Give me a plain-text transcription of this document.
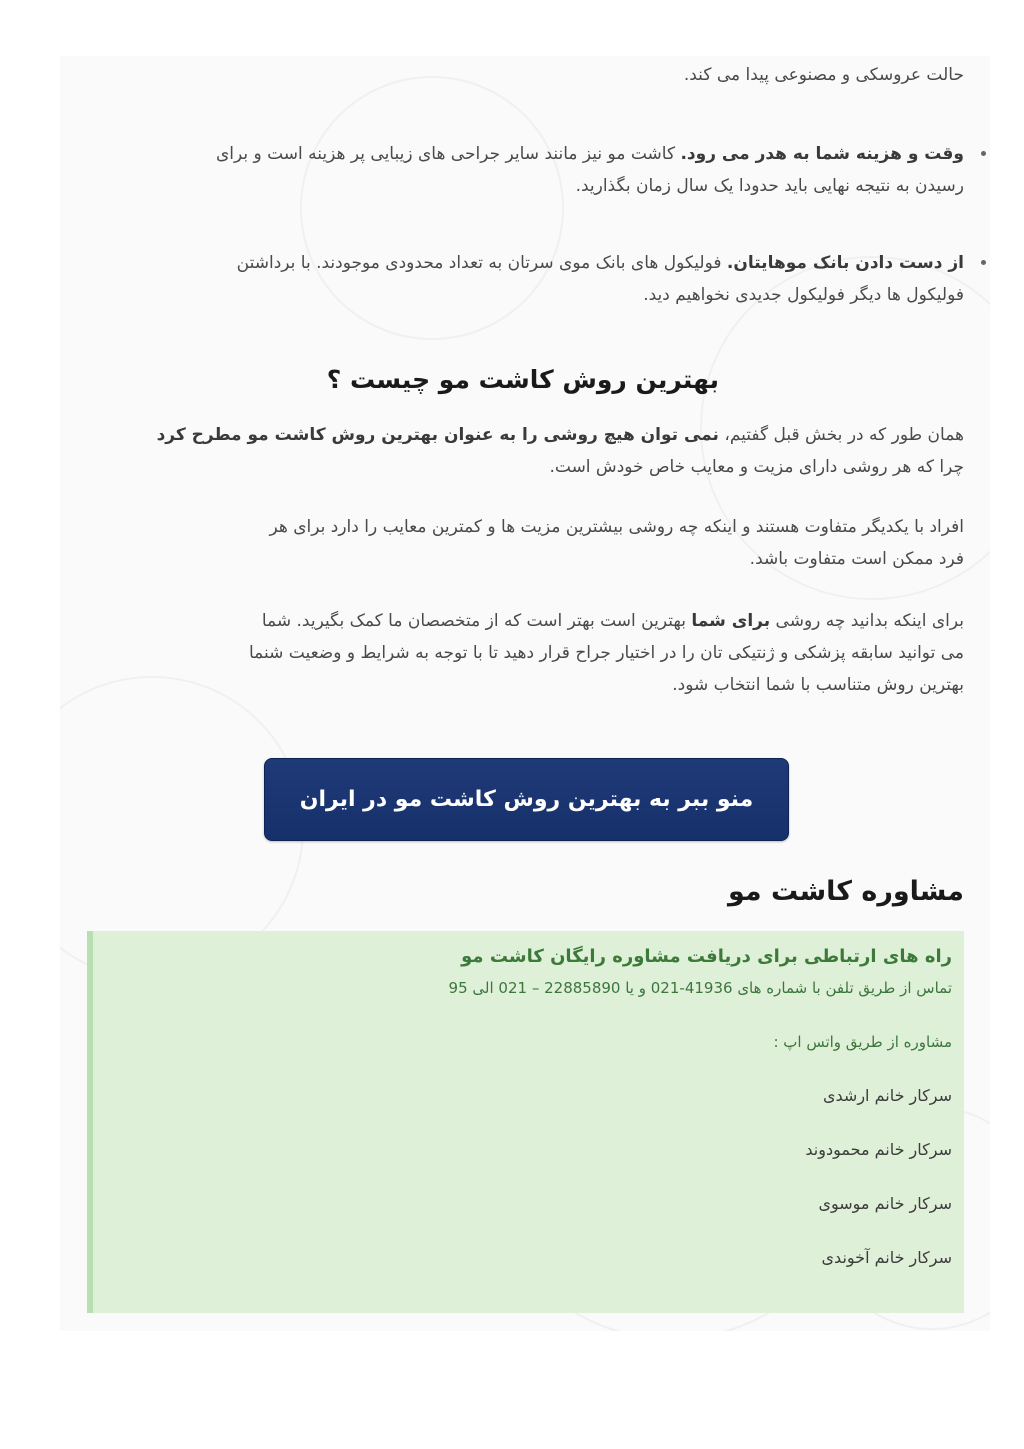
حالت عروسکی و مصنوعی پیدا می کند.

وقت و هزینه شما به هدر می رود. کاشت مو نیز مانند سایر جراحی های زیبایی پر هزینه است و برای
رسیدن به نتیجه نهایی باید حدودا یک سال زمان بگذارید.
از دست دادن بانک موهایتان. فولیکول های بانک موی سرتان به تعداد محدودی موجودند. با برداشتن
فولیکول ها دیگر فولیکول جدیدی نخواهیم دید.
بهترین روش کاشت مو چیست ؟

همان طور که در بخش قبل گفتیم، نمی توان هیچ روشی را به عنوان بهترین روش کاشت مو مطرح کرد
چرا که هر روشی دارای مزیت و معایب خاص خودش است.

افراد با یکدیگر متفاوت هستند و اینکه چه روشی بیشترین مزیت ها و کمترین معایب را دارد برای هر
فرد ممکن است متفاوت باشد.

برای اینکه بدانید چه روشی برای شما بهترین است بهتر است که از متخصصان ما کمک بگیرید. شما
می توانید سابقه پزشکی و ژنتیکی تان را در اختیار جراح قرار دهید تا با توجه به شرایط و وضعیت شنما
بهترین روش متناسب با شما انتخاب شود.

مشاوره کاشت مو
منو ببر به بهترین روش کاشت مو در ایران
راه های ارتباطی برای دریافت مشاوره رایگان کاشت مو
تماس از طریق تلفن با شماره های 41936-021 و یا 22885890 – 021 الی 95
مشاوره از طریق واتس اپ :
سرکار خانم ارشدی
سرکار خانم محمودوند
سرکار خانم موسوی
سرکار خانم آخوندی
